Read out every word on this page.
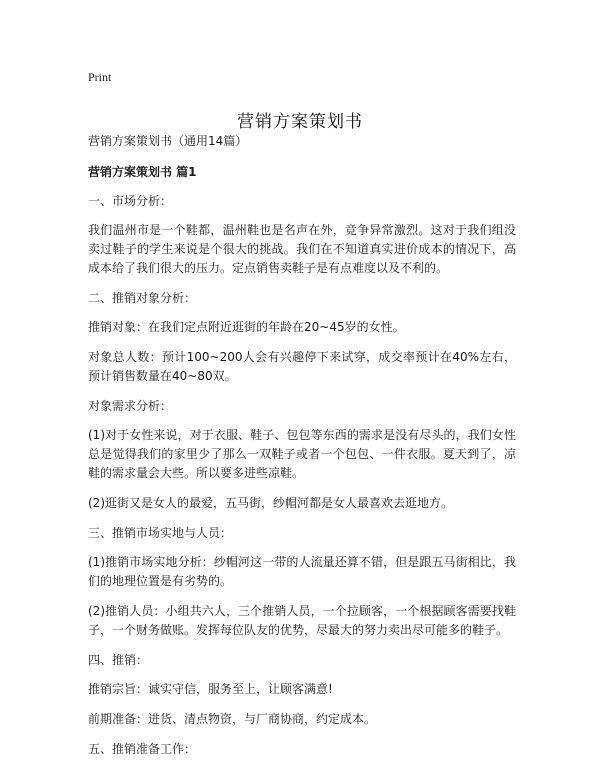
Print
营销方案策划书

营销方案策划书（通用14篇）

营销方案策划书 篇1

一、市场分析：

我们温州市是一个鞋都，温州鞋也是名声在外，竞争异常激烈。这对于我们组没卖过鞋子的学生来说是个很大的挑战。我们在不知道真实进价成本的情况下，高成本给了我们很大的压力。定点销售卖鞋子是有点难度以及不利的。

二、推销对象分析：

推销对象：在我们定点附近逛街的年龄在20~45岁的女性。

对象总人数：预计100~200人会有兴趣停下来试穿，成交率预计在40%左右，预计销售数量在40~80双。

对象需求分析：

(1)对于女性来说，对于衣服、鞋子、包包等东西的需求是没有尽头的，我们女性总是觉得我们的家里少了那么一双鞋子或者一个包包、一件衣服。夏天到了，凉鞋的需求量会大些。所以要多进些凉鞋。

(2)逛街又是女人的最爱，五马街，纱帽河都是女人最喜欢去逛地方。

三、推销市场实地与人员：

(1)推销市场实地分析：纱帽河这一带的人流量还算不错，但是跟五马街相比，我们的地理位置是有劣势的。

(2)推销人员：小组共六人，三个推销人员，一个拉顾客，一个根据顾客需要找鞋子，一个财务做账。发挥每位队友的优势，尽最大的努力卖出尽可能多的鞋子。

四、推销：

推销宗旨：诚实守信，服务至上，让顾客满意!

前期准备：进货、清点物资，与厂商协商，约定成本。

五、推销准备工作：
